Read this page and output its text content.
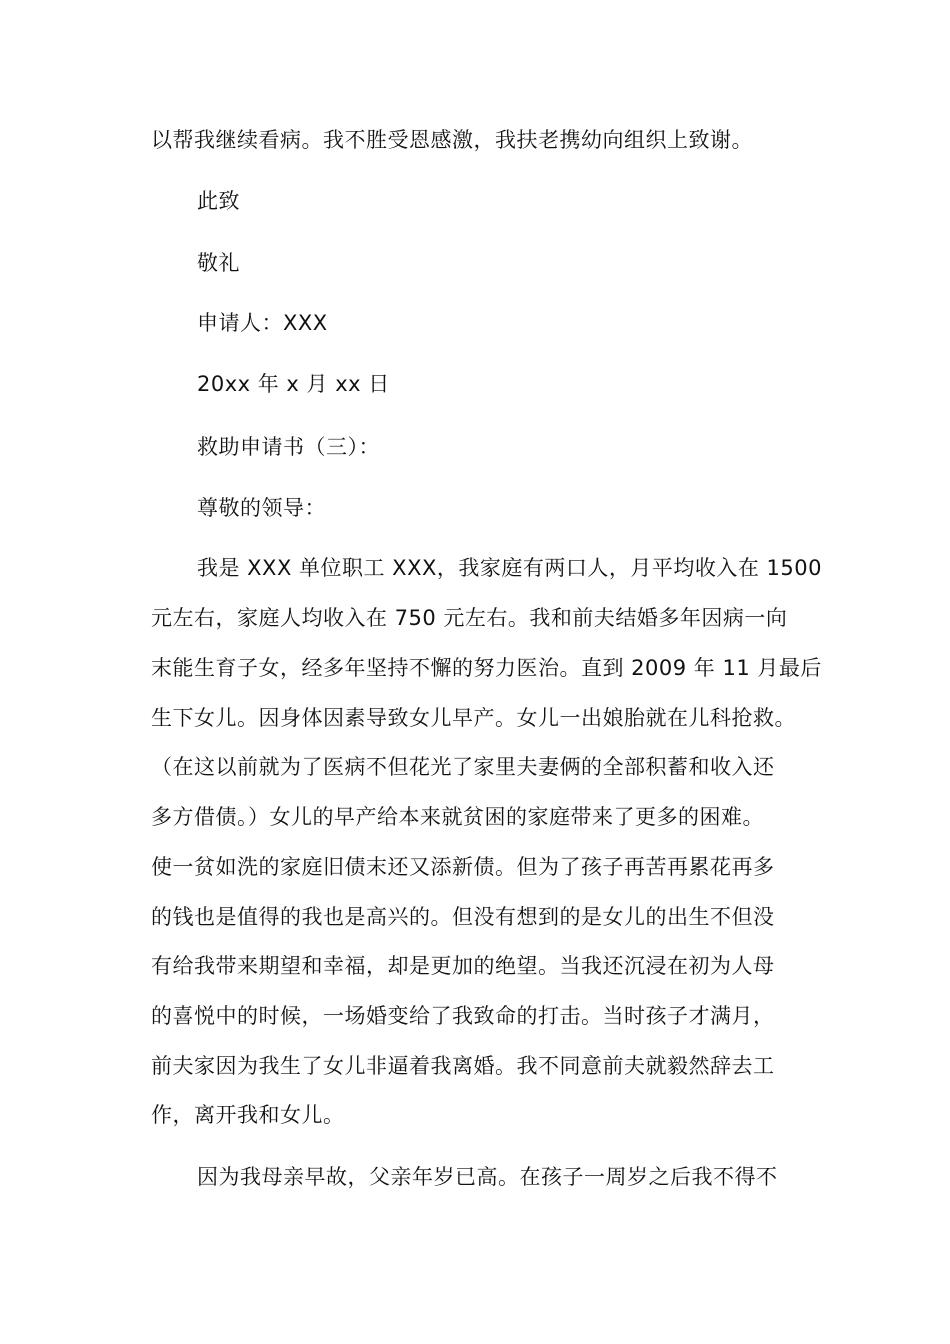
以帮我继续看病。我不胜受恩感激，我扶老携幼向组织上致谢。
此致
敬礼
申请人：XXX
20xx 年 x 月 xx 日
救助申请书（三）：
尊敬的领导：
我是 XXX 单位职工 XXX，我家庭有两口人，月平均收入在 1500
元左右，家庭人均收入在 750 元左右。我和前夫结婚多年因病一向
末能生育子女，经多年坚持不懈的努力医治。直到 2009 年 11 月最后
生下女儿。因身体因素导致女儿早产。女儿一出娘胎就在儿科抢救。
（在这以前就为了医病不但花光了家里夫妻俩的全部积蓄和收入还
多方借债。）女儿的早产给本来就贫困的家庭带来了更多的困难。
使一贫如洗的家庭旧债末还又添新债。但为了孩子再苦再累花再多
的钱也是值得的我也是高兴的。但没有想到的是女儿的出生不但没
有给我带来期望和幸福，却是更加的绝望。当我还沉浸在初为人母
的喜悦中的时候，一场婚变给了我致命的打击。当时孩子才满月，
前夫家因为我生了女儿非逼着我离婚。我不同意前夫就毅然辞去工
作，离开我和女儿。
因为我母亲早故，父亲年岁已高。在孩子一周岁之后我不得不
